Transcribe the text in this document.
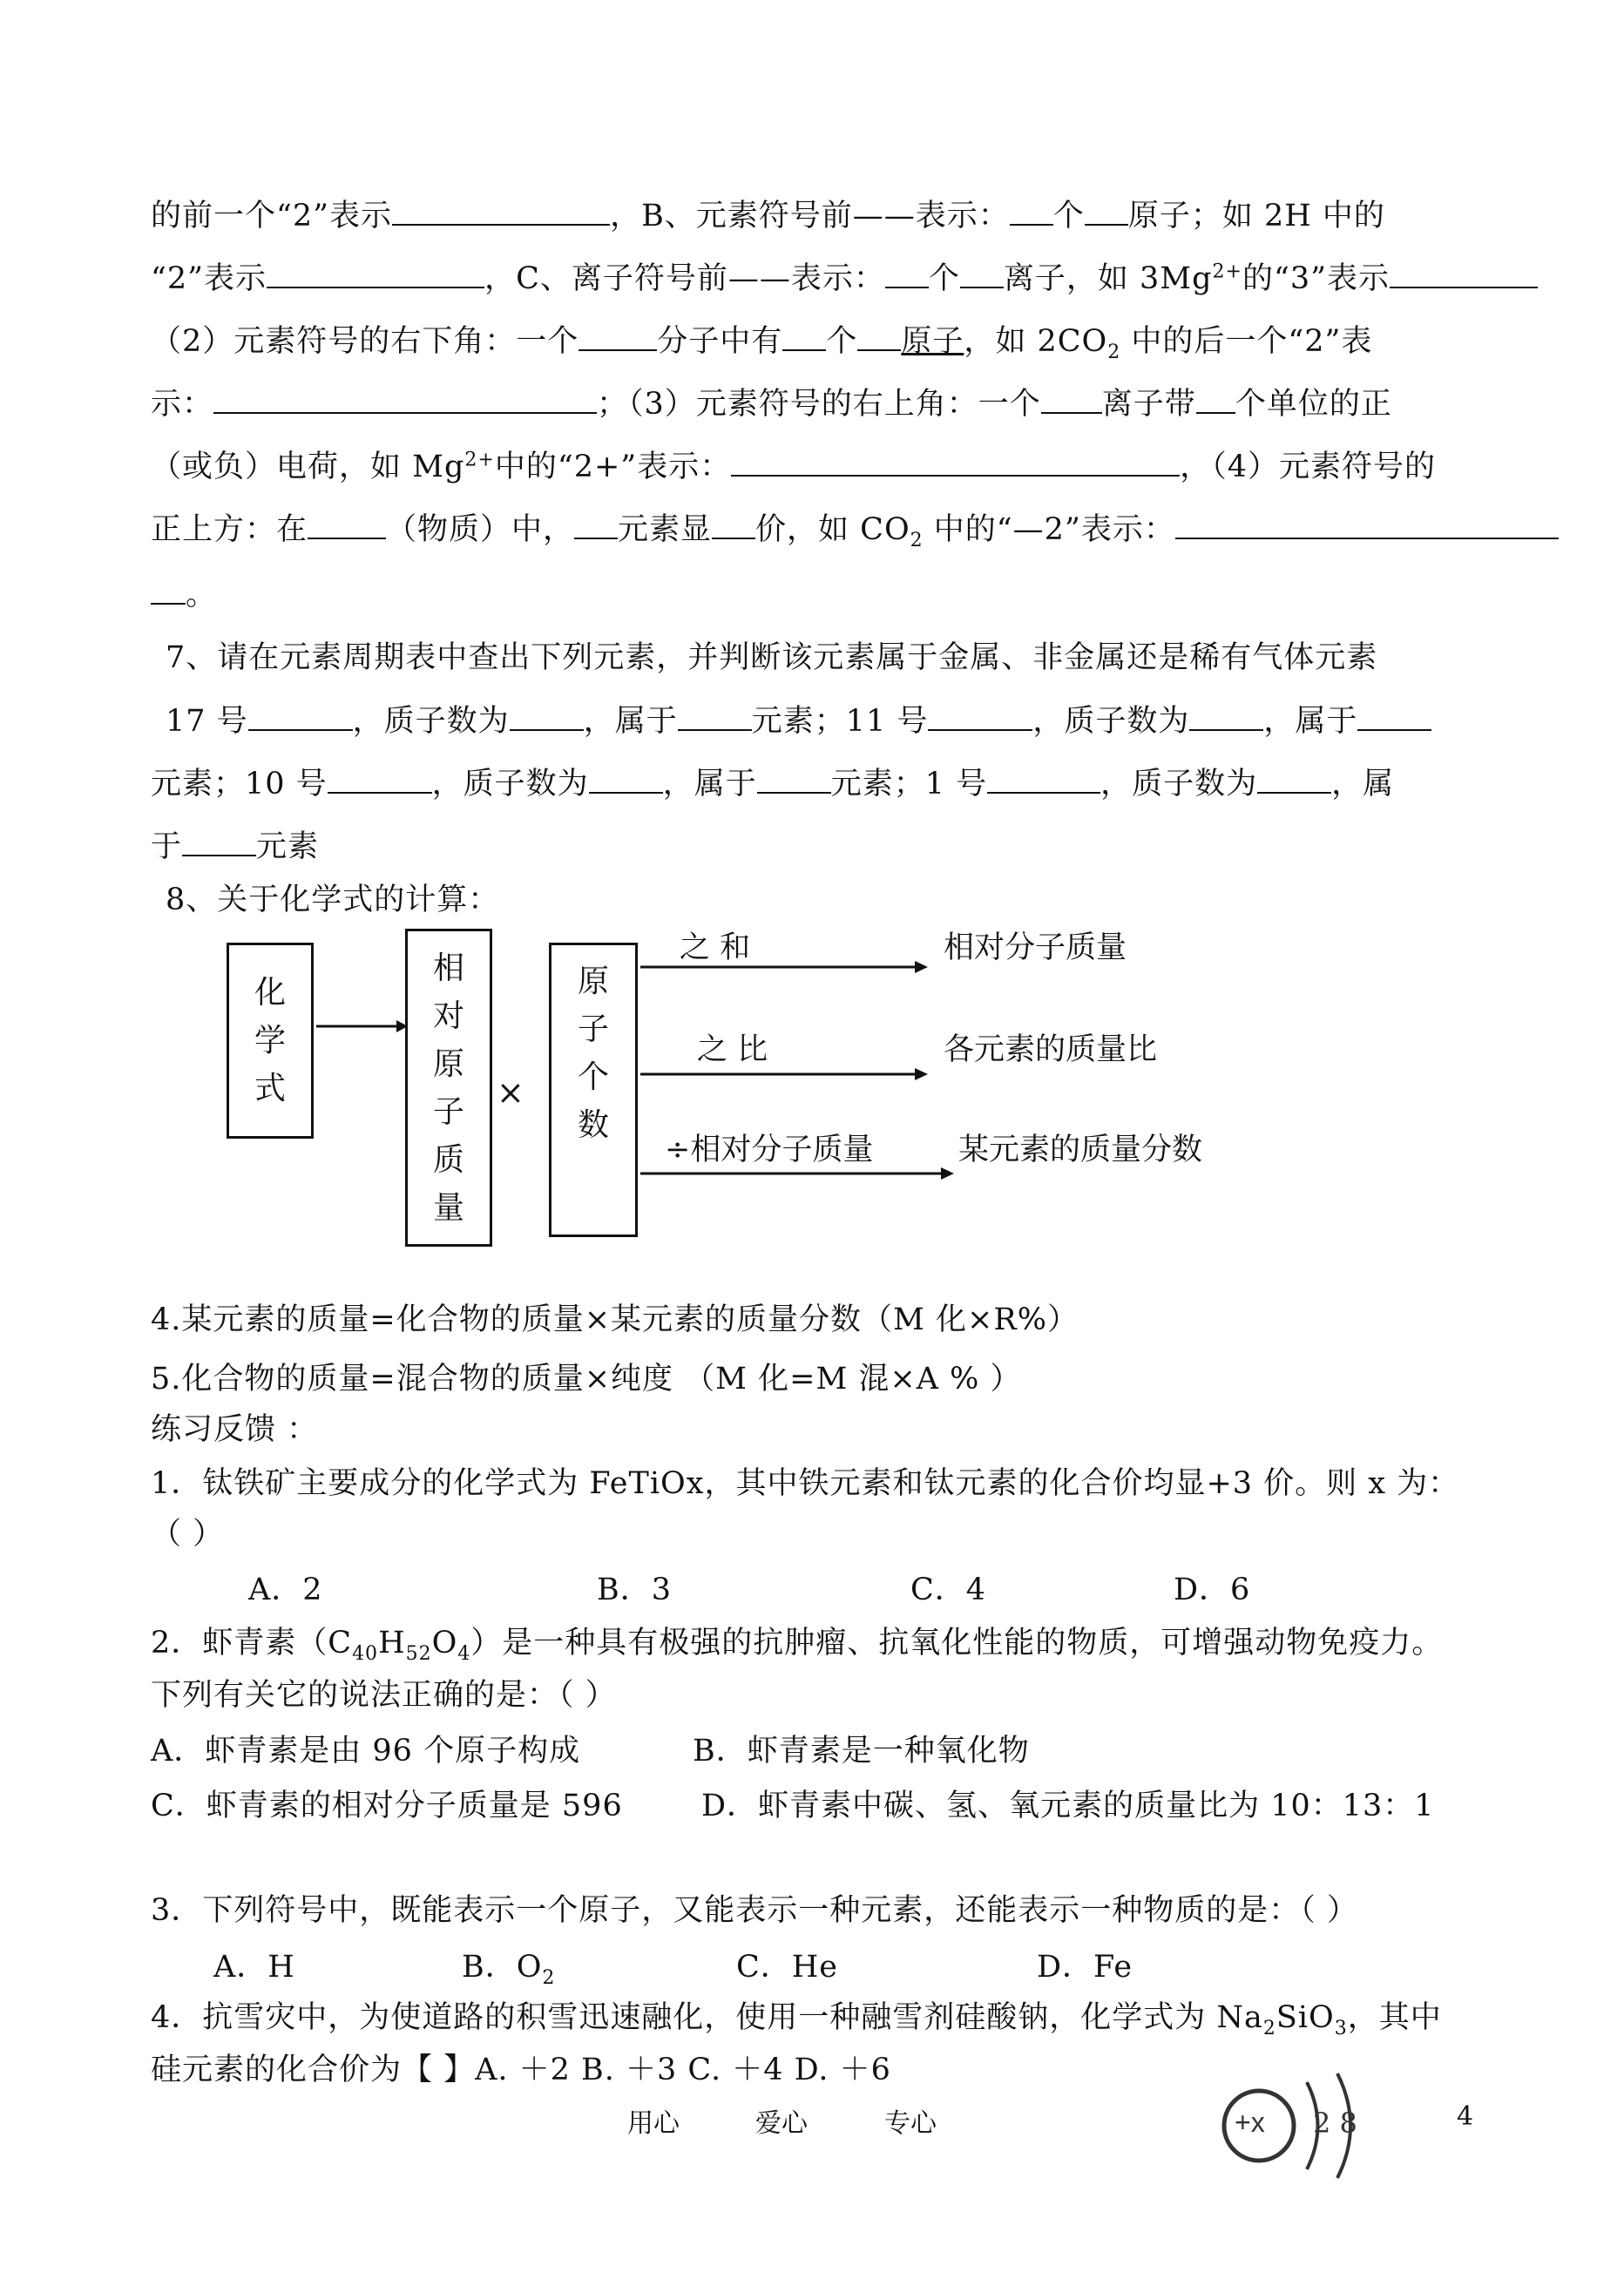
的前一个“2”表示	，B、元素符号前——表示： 个 原子；如 2H 中的
“2”表示	，C、离子符号前——表示： 个 离子，如 $3Mg^{2+}$的“3”表示
（2）元素符号的右下角：一个	分子中有 个 原子，如 $2CO_2$ 中的后一个“2”表
示：	；（3）元素符号的右上角：一个 离子带 个单位的正
（或负）电荷，如 $Mg^{2+}$中的“2+”表示：	，（4）元素符号的
正上方：在	（物质）中， 元素显 价，如 $CO_2$ 中的“—2”表示：
。
7、请在元素周期表中查出下列元素，并判断该元素属于金属、非金属还是稀有气体元素
17 号	，质子数为 ，属于 元素；11 号	，质子数为 ，属于
元素；10 号	，质子数为 ，属于 元素；1 号	，质子数为 ，属
于 元素
8、关于化学式的计算：
化
学
式
相
对
原
子
质
量
×
原
子
个
数
之 和	相对分子质量
之 比	各元素的质量比
÷相对分子质量	某元素的质量分数
4.某元素的质量=化合物的质量×某元素的质量分数（M 化×R%）
5.化合物的质量=混合物的质量×纯度 （M 化=M 混×A % ）
练习反馈 ：
1．钛铁矿主要成分的化学式为 FeTiOx，其中铁元素和钛元素的化合价均显+3 价。则 x 为：
（ ）
A．2	B．3	C．4	D．6
2．虾青素$(C_{40}H_{52}O_4)$是一种具有极强的抗肿瘤、抗氧化性能的物质，可增强动物免疫力。
下列有关它的说法正确的是：（ ）
A．虾青素是由 96 个原子构成	B．虾青素是一种氧化物
C．虾青素的相对分子质量是 596	D．虾青素中碳、氢、氧元素的质量比为 10：13：1
3．下列符号中，既能表示一个原子，又能表示一种元素，还能表示一种物质的是：（ ）
A．H	B．$O_2$	C．He	D．Fe
4．抗雪灾中，为使道路的积雪迅速融化，使用一种融雪剂硅酸钠，化学式为 $Na_2SiO_3$，其中
硅元素的化合价为【 】A. ＋2 B. ＋3 C. ＋4 D. ＋6
用心	爱心	专心	+x 2 8	4
